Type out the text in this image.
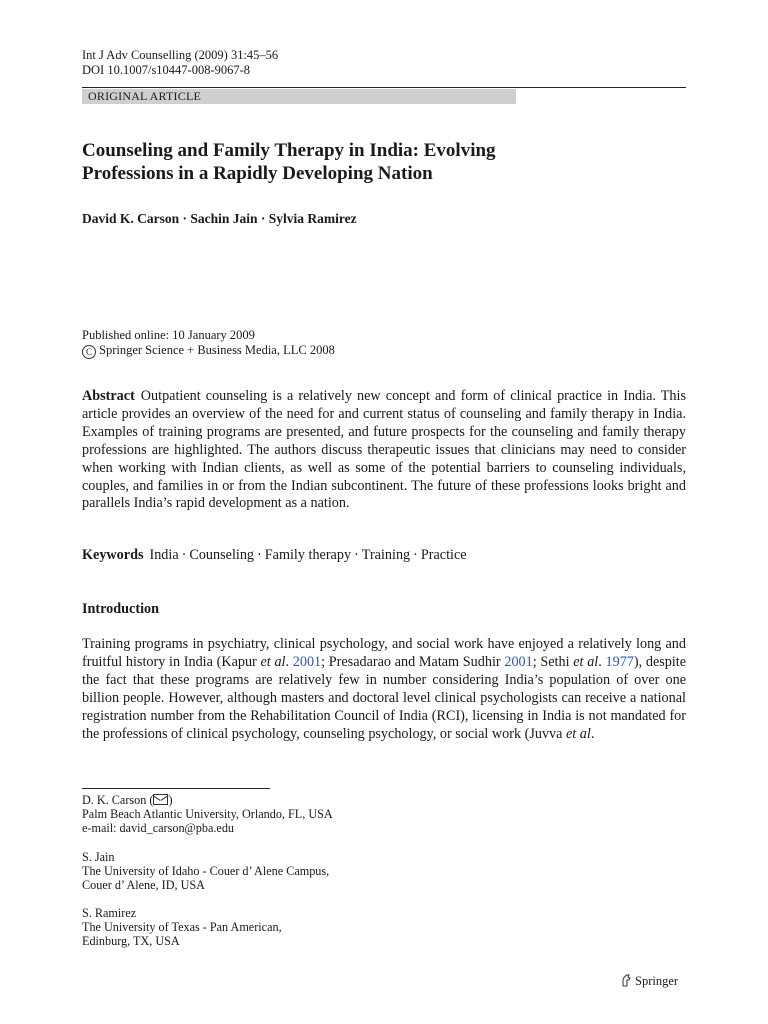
Int J Adv Counselling (2009) 31:45–56
DOI 10.1007/s10447-008-9067-8
ORIGINAL ARTICLE
Counseling and Family Therapy in India: Evolving
Professions in a Rapidly Developing Nation
David K. Carson · Sachin Jain · Sylvia Ramirez
Published online: 10 January 2009
C Springer Science + Business Media, LLC 2008
Abstract Outpatient counseling is a relatively new concept and form of clinical practice in India. This article provides an overview of the need for and current status of counseling and family therapy in India. Examples of training programs are presented, and future prospects for the counseling and family therapy professions are highlighted. The authors discuss therapeutic issues that clinicians may need to consider when working with Indian clients, as well as some of the potential barriers to counseling individuals, couples, and families in or from the Indian subcontinent. The future of these professions looks bright and parallels India’s rapid development as a nation.
Keywords India · Counseling · Family therapy · Training · Practice
Introduction
Training programs in psychiatry, clinical psychology, and social work have enjoyed a relatively long and fruitful history in India (Kapur et al. 2001; Presadarao and Matam Sudhir 2001; Sethi et al. 1977), despite the fact that these programs are relatively few in number considering India’s population of over one billion people. However, although masters and doctoral level clinical psychologists can receive a national registration number from the Rehabilitation Council of India (RCI), licensing in India is not mandated for the professions of clinical psychology, counseling psychology, or social work (Juvva et al.
D. K. Carson ( )
Palm Beach Atlantic University, Orlando, FL, USA
e-mail: david_carson@pba.edu
S. Jain
The University of Idaho - Couer d’ Alene Campus,
Couer d’ Alene, ID, USA
S. Ramirez
The University of Texas - Pan American,
Edinburg, TX, USA
Springer
